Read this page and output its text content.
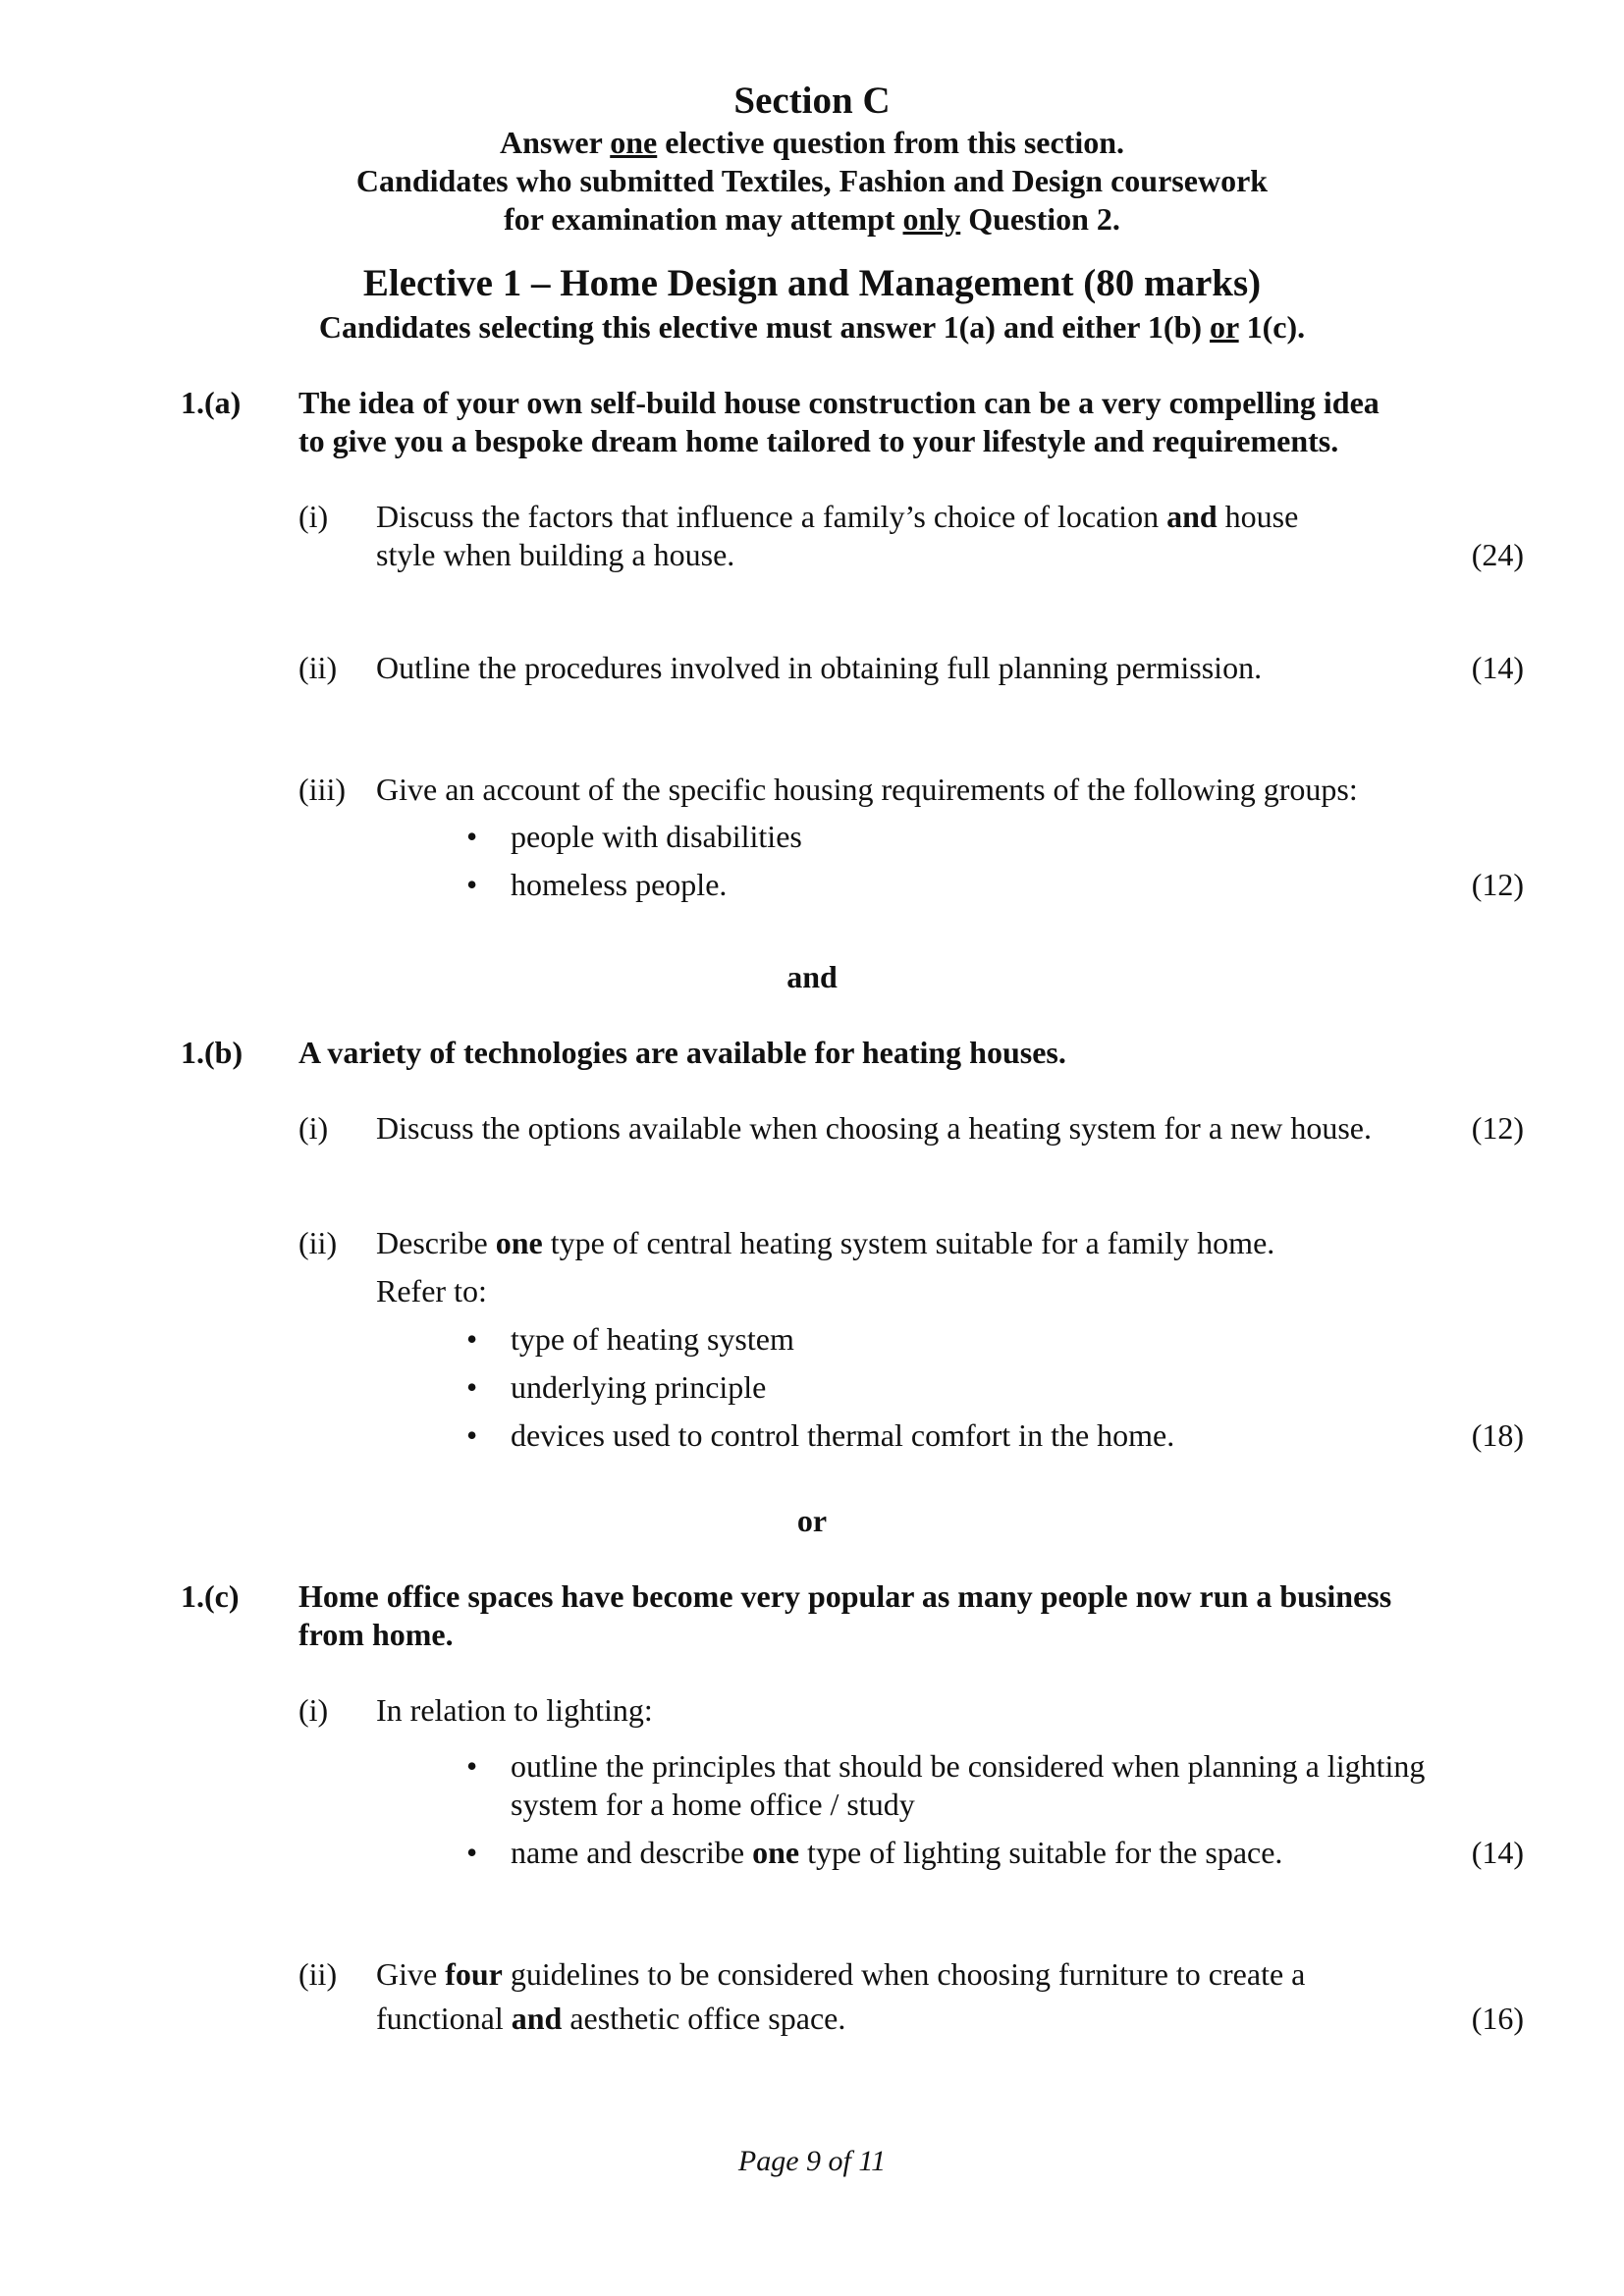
Section C
Answer one elective question from this section.
Candidates who submitted Textiles, Fashion and Design coursework
for examination may attempt only Question 2.
Elective 1 – Home Design and Management (80 marks)
Candidates selecting this elective must answer 1(a) and either 1(b) or 1(c).
1.(a) The idea of your own self-build house construction can be a very compelling idea
to give you a bespoke dream home tailored to your lifestyle and requirements.
(i) Discuss the factors that influence a family’s choice of location and house
style when building a house.	(24)
(ii) Outline the procedures involved in obtaining full planning permission.	(14)
(iii) Give an account of the specific housing requirements of the following groups:
• people with disabilities
• homeless people.	(12)
and
1.(b) A variety of technologies are available for heating houses.
(i) Discuss the options available when choosing a heating system for a new house.	(12)
(ii) Describe one type of central heating system suitable for a family home.
Refer to:
• type of heating system
• underlying principle
• devices used to control thermal comfort in the home.	(18)
or
1.(c) Home office spaces have become very popular as many people now run a business
from home.
(i) In relation to lighting:
• outline the principles that should be considered when planning a lighting
system for a home office / study
• name and describe one type of lighting suitable for the space.	(14)
(ii) Give four guidelines to be considered when choosing furniture to create a
functional and aesthetic office space.	(16)
Page 9 of 11
